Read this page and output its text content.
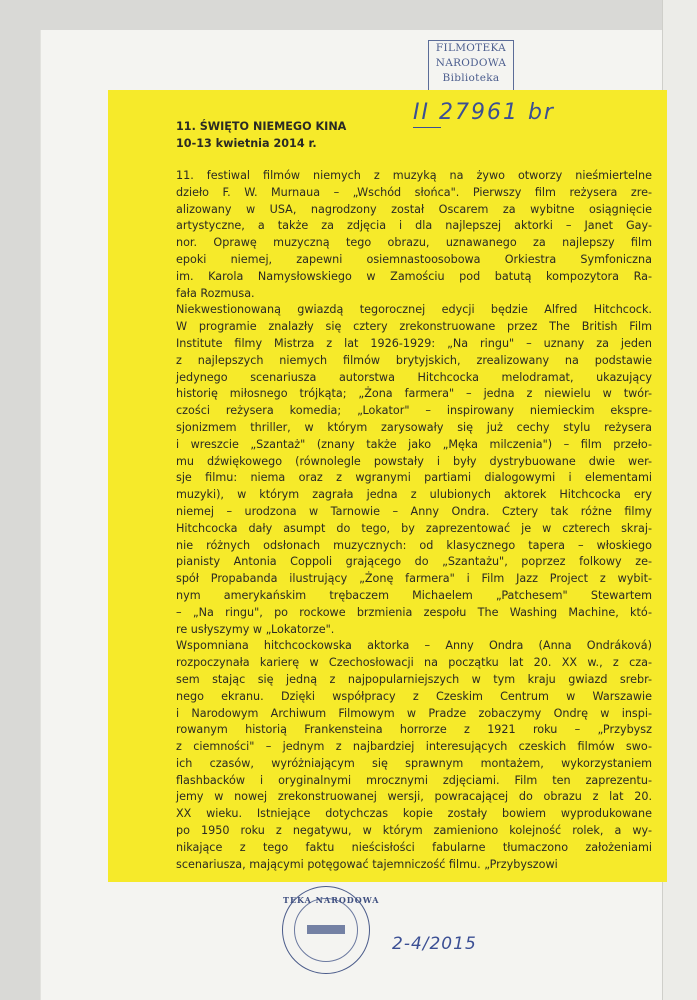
FILMOTEKA
NARODOWA
Biblioteka
II 27961 br
11. ŚWIĘTO NIEMEGO KINA
10-13 kwietnia 2014 r.
11. festiwal filmów niemych z muzyką na żywo otworzy nieśmiertelne
dzieło F. W. Murnaua – „Wschód słońca". Pierwszy film reżysera zre-
alizowany w USA, nagrodzony został Oscarem za wybitne osiągnięcie
artystyczne, a także za zdjęcia i dla najlepszej aktorki – Janet Gay-
nor. Oprawę muzyczną tego obrazu, uznawanego za najlepszy film
epoki niemej, zapewni osiemnastoosobowa Orkiestra Symfoniczna
im. Karola Namysłowskiego w Zamościu pod batutą kompozytora Ra-
fała Rozmusa.
Niekwestionowaną gwiazdą tegorocznej edycji będzie Alfred Hitchcock.
W programie znalazły się cztery zrekonstruowane przez The British Film
Institute filmy Mistrza z lat 1926-1929: „Na ringu" – uznany za jeden
z najlepszych niemych filmów brytyjskich, zrealizowany na podstawie
jedynego scenariusza autorstwa Hitchcocka melodramat, ukazujący
historię miłosnego trójkąta; „Żona farmera" – jedna z niewielu w twór-
czości reżysera komedia; „Lokator" – inspirowany niemieckim ekspre-
sjonizmem thriller, w którym zarysowały się już cechy stylu reżysera
i wreszcie „Szantaż" (znany także jako „Męka milczenia") – film przeło-
mu dźwiękowego (równolegle powstały i były dystrybuowane dwie wer-
sje filmu: niema oraz z wgranymi partiami dialogowymi i elementami
muzyki), w którym zagrała jedna z ulubionych aktorek Hitchcocka ery
niemej – urodzona w Tarnowie – Anny Ondra. Cztery tak różne filmy
Hitchcocka dały asumpt do tego, by zaprezentować je w czterech skraj-
nie różnych odsłonach muzycznych: od klasycznego tapera – włoskiego
pianisty Antonia Coppoli grającego do „Szantażu", poprzez folkowy ze-
spół Propabanda ilustrujący „Żonę farmera" i Film Jazz Project z wybit-
nym amerykańskim trębaczem Michaelem „Patchesem" Stewartem
– „Na ringu", po rockowe brzmienia zespołu The Washing Machine, któ-
re usłyszymy w „Lokatorze".
Wspomniana hitchcockowska aktorka – Anny Ondra (Anna Ondráková)
rozpoczynała karierę w Czechosłowacji na początku lat 20. XX w., z cza-
sem stając się jedną z najpopularniejszych w tym kraju gwiazd srebr-
nego ekranu. Dzięki współpracy z Czeskim Centrum w Warszawie
i Narodowym Archiwum Filmowym w Pradze zobaczymy Ondrę w inspi-
rowanym historią Frankensteina horrorze z 1921 roku – „Przybysz
z ciemności" – jednym z najbardziej interesujących czeskich filmów swo-
ich czasów, wyróżniającym się sprawnym montażem, wykorzystaniem
flashbacków i oryginalnymi mrocznymi zdjęciami. Film ten zaprezentu-
jemy w nowej zrekonstruowanej wersji, powracającej do obrazu z lat 20.
XX wieku. Istniejące dotychczas kopie zostały bowiem wyprodukowane
po 1950 roku z negatywu, w którym zamieniono kolejność rolek, a wy-
nikające z tego faktu nieścisłości fabularne tłumaczono założeniami
scenariusza, mającymi potęgować tajemniczość filmu. „Przybyszowi
TEKA NARODOWA
2-4/2015
